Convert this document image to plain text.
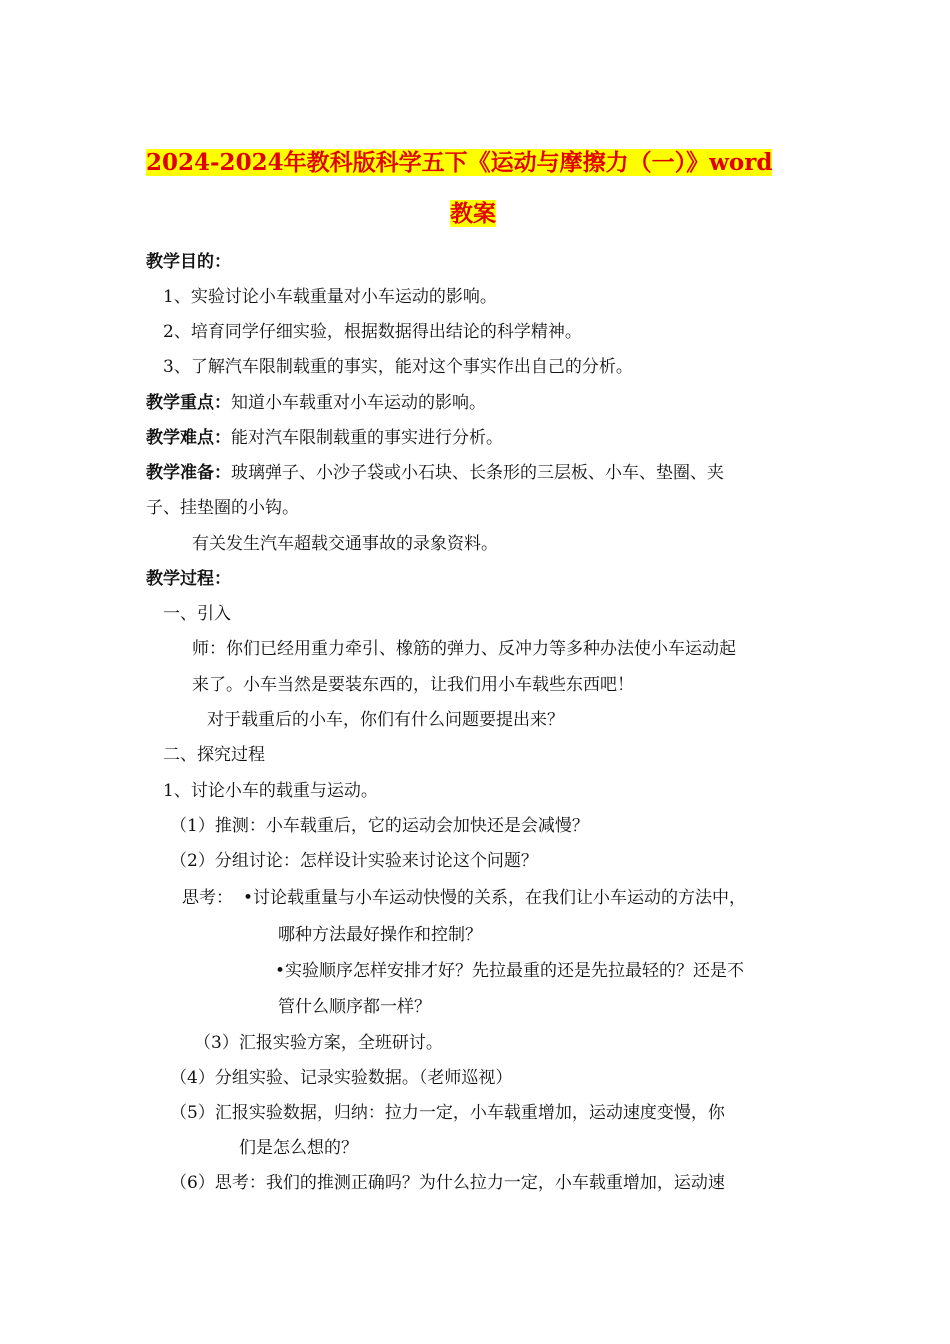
2024-2024年教科版科学五下《运动与摩擦力（一）》word
教案
教学目的：
1、实验讨论小车载重量对小车运动的影响。
2、培育同学仔细实验，根据数据得出结论的科学精神。
3、了解汽车限制载重的事实，能对这个事实作出自己的分析。
教学重点：知道小车载重对小车运动的影响。
教学难点：能对汽车限制载重的事实进行分析。
教学准备：玻璃弹子、小沙子袋或小石块、长条形的三层板、小车、垫圈、夹
子、挂垫圈的小钩。
有关发生汽车超载交通事故的录象资料。
教学过程：
一、引入
师：你们已经用重力牵引、橡筋的弹力、反冲力等多种办法使小车运动起
来了。小车当然是要装东西的，让我们用小车载些东西吧！
对于载重后的小车，你们有什么问题要提出来？
二、探究过程
1、讨论小车的载重与运动。
（1）推测：小车载重后，它的运动会加快还是会减慢？
（2）分组讨论：怎样设计实验来讨论这个问题？
思考： •讨论载重量与小车运动快慢的关系，在我们让小车运动的方法中，
哪种方法最好操作和控制？
•实验顺序怎样安排才好？先拉最重的还是先拉最轻的？还是不
管什么顺序都一样？
（3）汇报实验方案，全班研讨。
（4）分组实验、记录实验数据。（老师巡视）
（5）汇报实验数据，归纳：拉力一定，小车载重增加，运动速度变慢，你
们是怎么想的？
（6）思考：我们的推测正确吗？为什么拉力一定，小车载重增加，运动速
